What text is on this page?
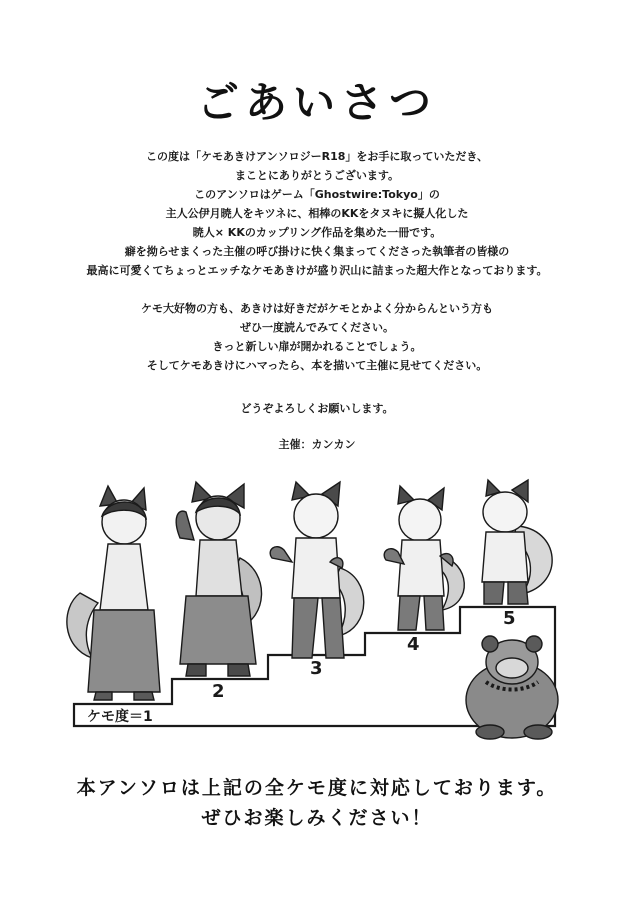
ごあいさつ
この度は「ケモあきけアンソロジーR18」をお手に取っていただき、
まことにありがとうございます。
このアンソロはゲーム「Ghostwire:Tokyo」の
主人公伊月暁人をキツネに、相棒のKKをタヌキに擬人化した
暁人× KKのカップリング作品を集めた一冊です。
癖を拗らせまくった主催の呼び掛けに快く集まってくださった執筆者の皆様の
最高に可愛くてちょっとエッチなケモあきけが盛り沢山に詰まった超大作となっております。
ケモ大好物の方も、あきけは好きだがケモとかよく分からんという方も
ぜひ一度読んでみてください。
きっと新しい扉が開かれることでしょう。
そしてケモあきけにハマったら、本を描いて主催に見せてください。
どうぞよろしくお願いします。
主催：カンカン
ケモ度＝1
2
3
4
5
本アンソロは上記の全ケモ度に対応しております。
ぜひお楽しみください！
